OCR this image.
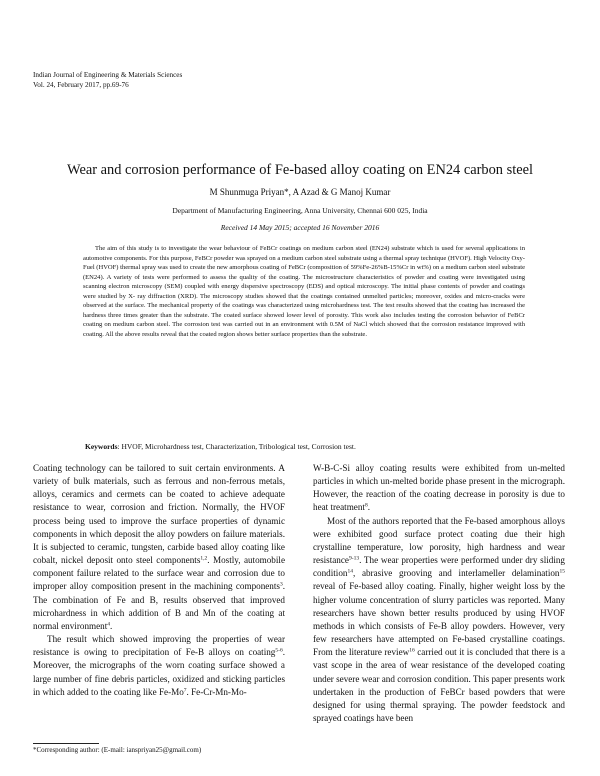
Indian Journal of Engineering & Materials Sciences
Vol. 24, February 2017, pp.69-76
Wear and corrosion performance of Fe-based alloy coating on EN24 carbon steel
M Shunmuga Priyan*, A Azad & G Manoj Kumar
Department of Manufacturing Engineering, Anna University, Chennai 600 025, India
Received 14 May 2015; accepted 16 November 2016

The aim of this study is to investigate the wear behaviour of FeBCr coatings on medium carbon steel (EN24) substrate which is used for several applications in automotive components. For this purpose, FeBCr powder was sprayed on a medium carbon steel substrate using a thermal spray technique (HVOF). High Velocity Oxy-Fuel (HVOF) thermal spray was used to create the new amorphous coating of FeBCr (composition of 59%Fe-26%B-15%Cr in wt%) on a medium carbon steel substrate (EN24). A variety of tests were performed to assess the quality of the coating. The microstructure characteristics of powder and coating were investigated using scanning electron microscopy (SEM) coupled with energy dispersive spectroscopy (EDS) and optical microscopy. The initial phase contents of powder and coatings were studied by X- ray diffraction (XRD). The microscopy studies showed that the coatings contained unmelted particles; moreover, oxides and micro-cracks were observed at the surface. The mechanical property of the coatings was characterized using microhardness test. The test results showed that the coating has increased the hardness three times greater than the substrate. The coated surface showed lower level of porosity. This work also includes testing the corrosion behavior of FeBCr coating on medium carbon steel. The corrosion test was carried out in an environment with 0.5M of NaCl which showed that the corrosion resistance improved with coating. All the above results reveal that the coated region shows better surface properties than the substrate.

Keywords: HVOF, Microhardness test, Characterization, Tribological test, Corrosion test.

Coating technology can be tailored to suit certain environments. A variety of bulk materials, such as ferrous and non-ferrous metals, alloys, ceramics and cermets can be coated to achieve adequate resistance to wear, corrosion and friction. Normally, the HVOF process being used to improve the surface properties of dynamic components in which deposit the alloy powders on failure materials. It is subjected to ceramic, tungsten, carbide based alloy coating like cobalt, nickel deposit onto steel components$^{1,2}$. Mostly, automobile component failure related to the surface wear and corrosion due to improper alloy composition present in the machining components$^3$. The combination of Fe and B, results observed that improved microhardness in which addition of B and Mn of the coating at normal environment$^4$.

The result which showed improving the properties of wear resistance is owing to precipitation of Fe-B alloys on coating$^{5-6}$. Moreover, the micrographs of the worn coating surface showed a large number of fine debris particles, oxidized and sticking particles in which added to the coating like Fe-Mo$^7$. Fe-Cr-Mn-Mo-

W-B-C-Si alloy coating results were exhibited from un-melted particles in which un-melted boride phase present in the micrograph. However, the reaction of the coating decrease in porosity is due to heat treatment$^8$.

Most of the authors reported that the Fe-based amorphous alloys were exhibited good surface protect coating due their high crystalline temperature, low porosity, high hardness and wear resistance$^{9-13}$. The wear properties were performed under dry sliding condition$^{14}$, abrasive grooving and interlameller delamination$^{15}$ reveal of Fe-based alloy coating. Finally, higher weight loss by the higher volume concentration of slurry particles was reported. Many researchers have shown better results produced by using HVOF methods in which consists of Fe-B alloy powders. However, very few researchers have attempted on Fe-based crystalline coatings. From the literature review$^{16}$ carried out it is concluded that there is a vast scope in the area of wear resistance of the developed coating under severe wear and corrosion condition. This paper presents work undertaken in the production of FeBCr based powders that were designed for using thermal spraying. The powder feedstock and sprayed coatings have been

*Corresponding author: (E-mail: ianspriyan25@gmail.com)
